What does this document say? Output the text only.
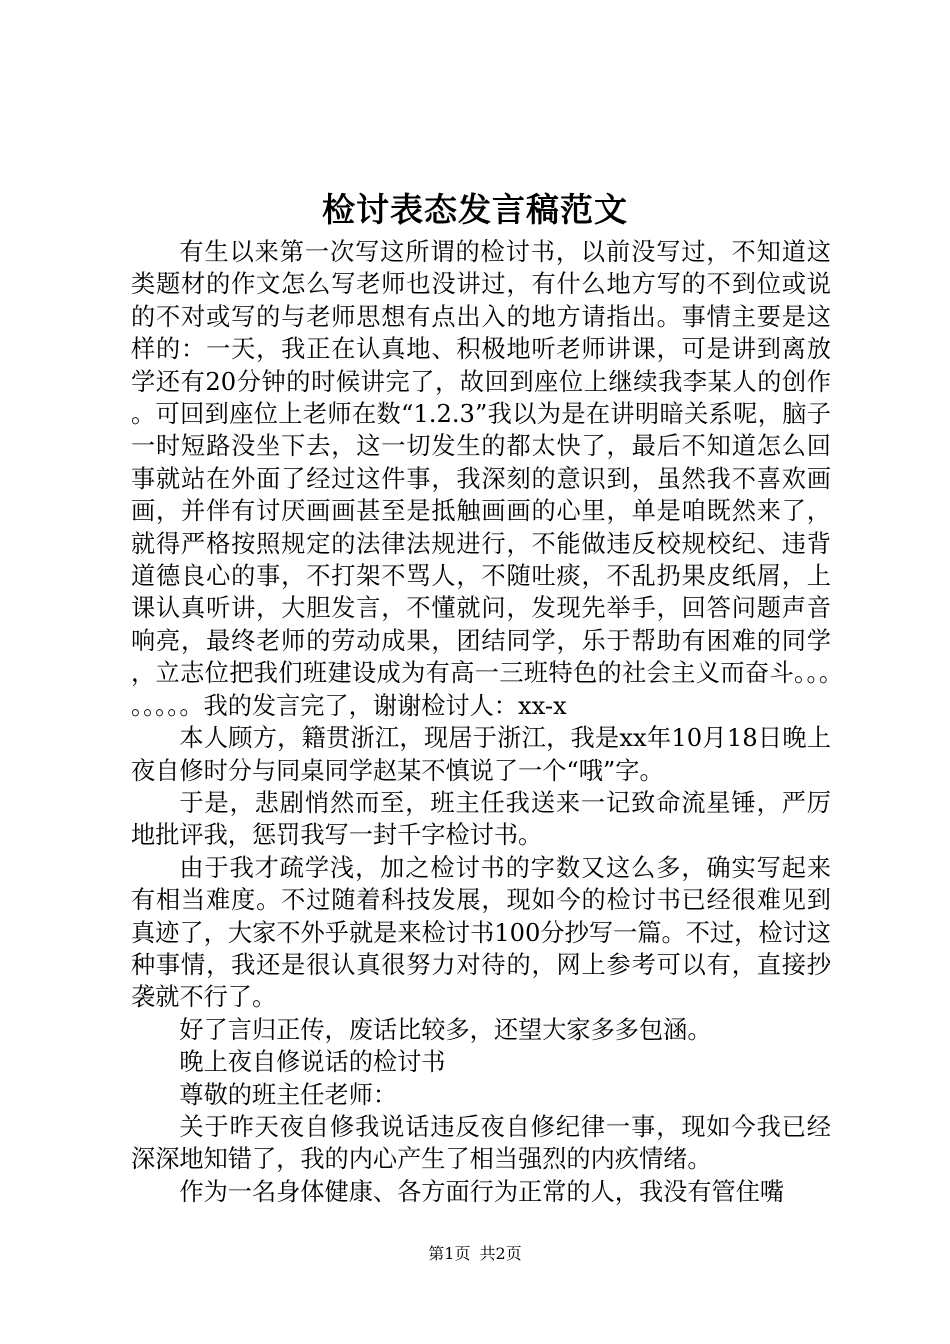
检讨表态发言稿范文

有生以来第一次写这所谓的检讨书，以前没写过，不知道这类题材的作文怎么写老师也没讲过，有什么地方写的不到位或说的不对或写的与老师思想有点出入的地方请指出。事情主要是这样的：一天，我正在认真地、积极地听老师讲课，可是讲到离放学还有20分钟的时候讲完了，故回到座位上继续我李某人的创作。可回到座位上老师在数“1.2.3”我以为是在讲明暗关系呢，脑子一时短路没坐下去，这一切发生的都太快了，最后不知道怎么回事就站在外面了经过这件事，我深刻的意识到，虽然我不喜欢画画，并伴有讨厌画画甚至是抵触画画的心里，单是咱既然来了，就得严格按照规定的法律法规进行，不能做违反校规校纪、违背道德良心的事，不打架不骂人，不随吐痰，不乱扔果皮纸屑，上课认真听讲，大胆发言，不懂就问，发现先举手，回答问题声音响亮，最终老师的劳动成果，团结同学，乐于帮助有困难的同学，立志位把我们班建设成为有高一三班特色的社会主义而奋斗。。。。。。。。我的发言完了，谢谢检讨人：xx-x

本人顾方，籍贯浙江，现居于浙江，我是xx年10月18日晚上夜自修时分与同桌同学赵某不慎说了一个“哦”字。

于是，悲剧悄然而至，班主任我送来一记致命流星锤，严厉地批评我，惩罚我写一封千字检讨书。

由于我才疏学浅，加之检讨书的字数又这么多，确实写起来有相当难度。不过随着科技发展，现如今的检讨书已经很难见到真迹了，大家不外乎就是来检讨书100分抄写一篇。不过，检讨这种事情，我还是很认真很努力对待的，网上参考可以有，直接抄袭就不行了。

好了言归正传，废话比较多，还望大家多多包涵。

晚上夜自修说话的检讨书

尊敬的班主任老师：

关于昨天夜自修我说话违反夜自修纪律一事，现如今我已经深深地知错了，我的内心产生了相当强烈的内疚情绪。

作为一名身体健康、各方面行为正常的人，我没有管住嘴

第1页 共2页
